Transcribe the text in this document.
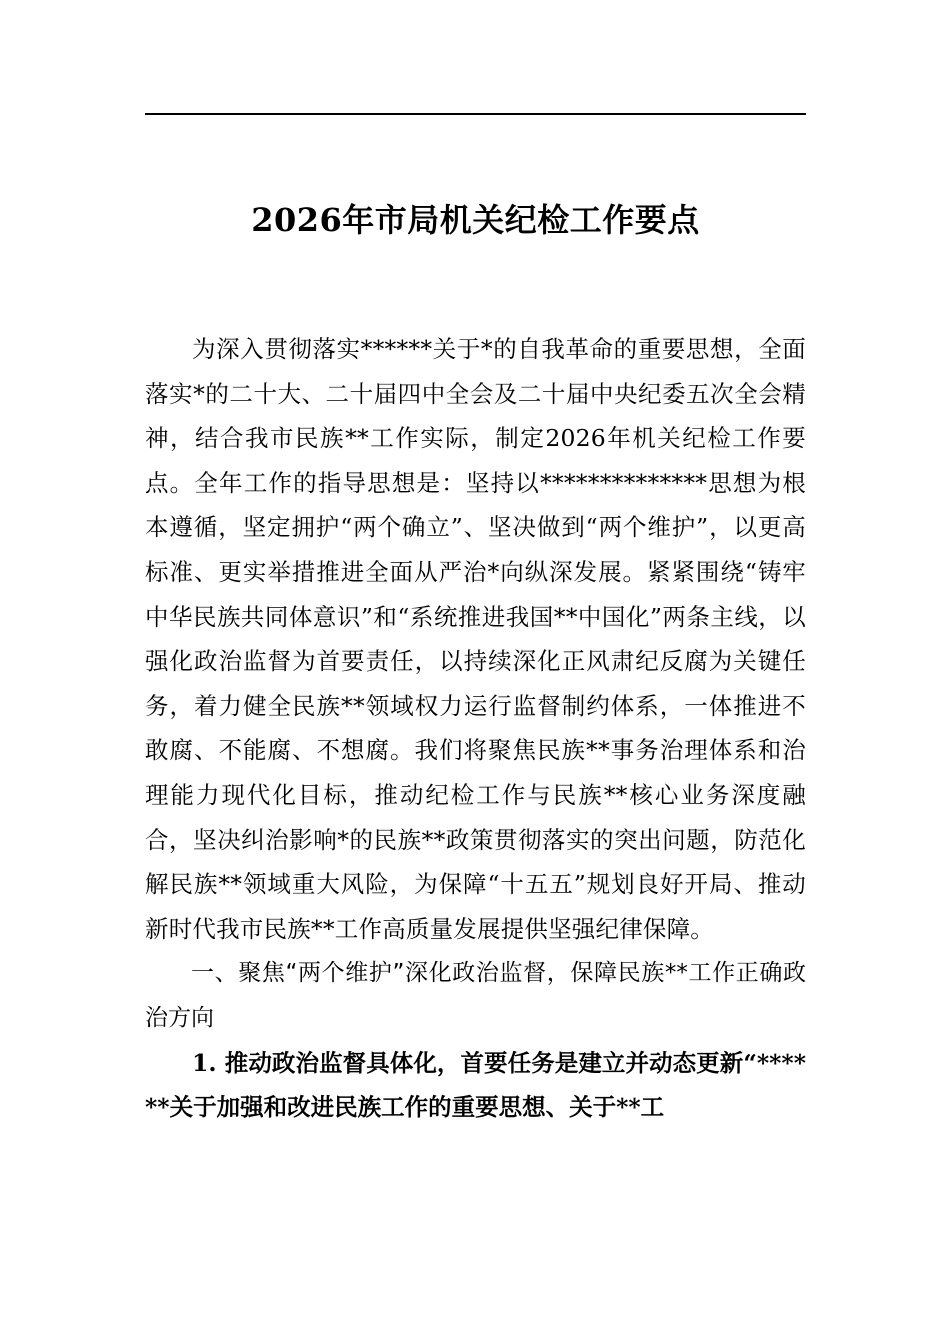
2026年市局机关纪检工作要点

为深入贯彻落实******关于*的自我革命的重要思想，全面落实*的二十大、二十届四中全会及二十届中央纪委五次全会精神，结合我市民族**工作实际，制定2026年机关纪检工作要点。全年工作的指导思想是：坚持以**************思想为根本遵循，坚定拥护“两个确立”、坚决做到“两个维护”，以更高标准、更实举措推进全面从严治*向纵深发展。紧紧围绕“铸牢中华民族共同体意识”和“系统推进我国**中国化”两条主线，以强化政治监督为首要责任，以持续深化正风肃纪反腐为关键任务，着力健全民族**领域权力运行监督制约体系，一体推进不敢腐、不能腐、不想腐。我们将聚焦民族**事务治理体系和治理能力现代化目标，推动纪检工作与民族**核心业务深度融合，坚决纠治影响*的民族**政策贯彻落实的突出问题，防范化解民族**领域重大风险，为保障“十五五”规划良好开局、推动新时代我市民族**工作高质量发展提供坚强纪律保障。

一、聚焦“两个维护”深化政治监督，保障民族**工作正确政治方向

1. 推动政治监督具体化，首要任务是建立并动态更新“******关于加强和改进民族工作的重要思想、关于**工
